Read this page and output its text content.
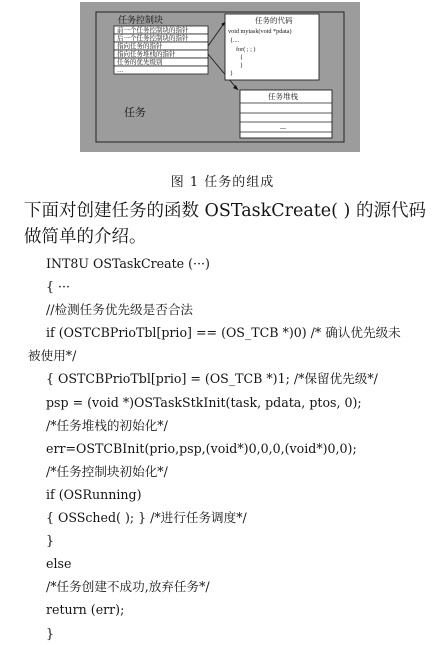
任务控制块
前一个任务控制块的指针
后一个任务控制块的指针
指向任务的指针
指向任务堆栈的指针
任务的优先级别
...
任务的代码
void mytask(void *pdata)
{....
for( ; ; )
{
}
}
任务堆栈
...
任务
图 1 任务的组成
下面对创建任务的函数 OSTaskCreate( ) 的源代码做简单的介绍。
INT8U OSTaskCreate (···)
{ ···
//检测任务优先级是否合法
if (OSTCBPrioTbl[prio] == (OS_TCB *)0) /* 确认优先级未
被使用*/
{ OSTCBPrioTbl[prio] = (OS_TCB *)1; /*保留优先级*/
psp = (void *)OSTaskStkInit(task, pdata, ptos, 0);
/*任务堆栈的初始化*/
err=OSTCBInit(prio,psp,(void*)0,0,0,(void*)0,0);
/*任务控制块初始化*/
if (OSRunning)
{ OSSched( ); } /*进行任务调度*/
}
else
/*任务创建不成功,放弃任务*/
return (err);
}
